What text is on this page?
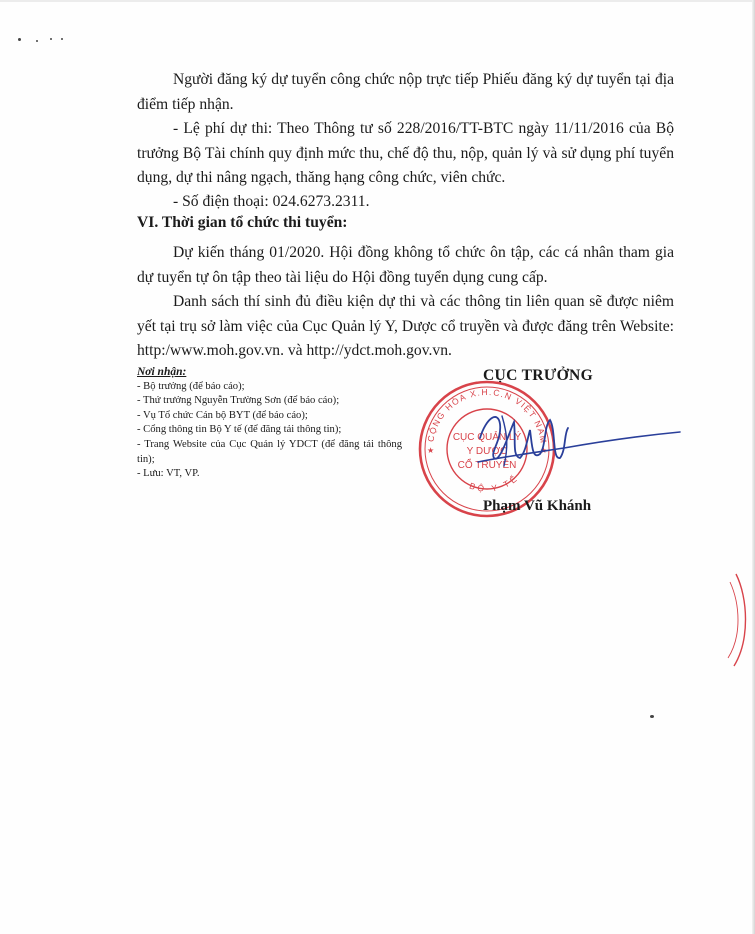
Người đăng ký dự tuyển công chức nộp trực tiếp Phiếu đăng ký dự tuyển tại địa điểm tiếp nhận.

- Lệ phí dự thi: Theo Thông tư số 228/2016/TT-BTC ngày 11/11/2016 của Bộ trưởng Bộ Tài chính quy định mức thu, chế độ thu, nộp, quản lý và sử dụng phí tuyển dụng, dự thi nâng ngạch, thăng hạng công chức, viên chức.

- Số điện thoại: 024.6273.2311.

VI. Thời gian tổ chức thi tuyển:

Dự kiến tháng 01/2020. Hội đồng không tổ chức ôn tập, các cá nhân tham gia dự tuyển tự ôn tập theo tài liệu do Hội đồng tuyển dụng cung cấp.

Danh sách thí sinh đủ điều kiện dự thi và các thông tin liên quan sẽ được niêm yết tại trụ sở làm việc của Cục Quản lý Y, Dược cổ truyền và được đăng trên Website: http:/www.moh.gov.vn. và http://ydct.moh.gov.vn.

Nơi nhận:
- Bộ trưởng (để báo cáo);
- Thứ trưởng Nguyễn Trường Sơn (để báo cáo);
- Vụ Tổ chức Cán bộ BYT (để báo cáo);
- Cổng thông tin Bộ Y tế (để đăng tải thông tin);
- Trang Website của Cục Quản lý YDCT (để đăng tải thông tin);
- Lưu: VT, VP.
CỤC TRƯỞNG
CỘNG HÒA X.H.C.N VIỆT NAM
BỘ Y TẾ
CỤC QUẢN LÝ
Y DƯỢC
CỔ TRUYỀN
★	★
Phạm Vũ Khánh
